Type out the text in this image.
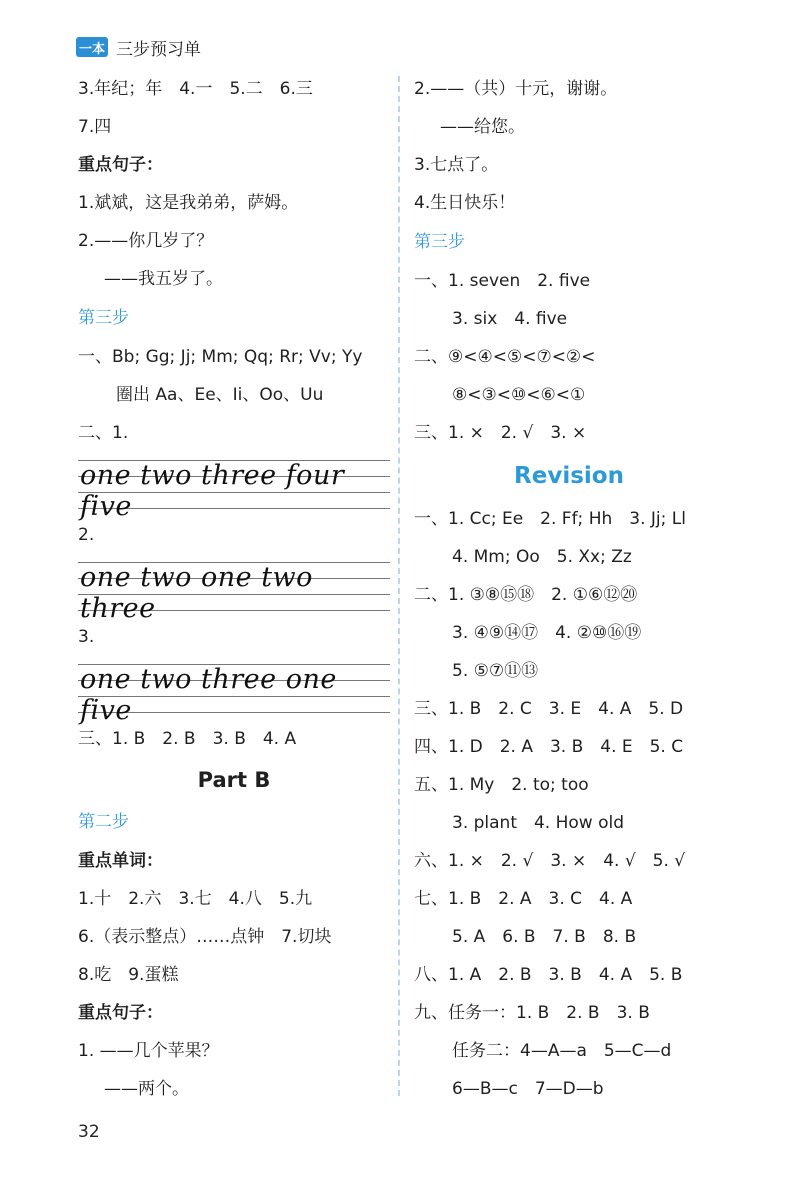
一本 三步预习单
3.年纪；年　4.一　5.二　6.三
7.四
重点句子：
1.斌斌，这是我弟弟，萨姆。
2.——你几岁了？
——我五岁了。
第三步
一、Bb; Gg; Jj; Mm; Qq; Rr; Vv; Yy
圈出 Aa、Ee、Ii、Oo、Uu
二、1.
one two three four five
2.
one two one two three
3.
one two three one five
三、1. B　2. B　3. B　4. A
Part B
第二步
重点单词：
1.十　2.六　3.七　4.八　5.九
6.（表示整点）……点钟　7.切块
8.吃　9.蛋糕
重点句子：
1. ——几个苹果？
——两个。
2.——（共）十元，谢谢。
——给您。
3.七点了。
4.生日快乐！
第三步
一、1. seven　2. five
3. six　4. five
二、⑨<④<⑤<⑦<②<
⑧<③<⑩<⑥<①
三、1. ×　2. √　3. ×
Revision
一、1. Cc; Ee　2. Ff; Hh　3. Jj; Ll
4. Mm; Oo　5. Xx; Zz
二、1. ③⑧⑮⑱　2. ①⑥⑫⑳
3. ④⑨⑭⑰　4. ②⑩⑯⑲
5. ⑤⑦⑪⑬
三、1. B　2. C　3. E　4. A　5. D
四、1. D　2. A　3. B　4. E　5. C
五、1. My　2. to; too
3. plant　4. How old
六、1. ×　2. √　3. ×　4. √　5. √
七、1. B　2. A　3. C　4. A
5. A　6. B　7. B　8. B
八、1. A　2. B　3. B　4. A　5. B
九、任务一：1. B　2. B　3. B
任务二：4—A—a　5—C—d
6—B—c　7—D—b
32
